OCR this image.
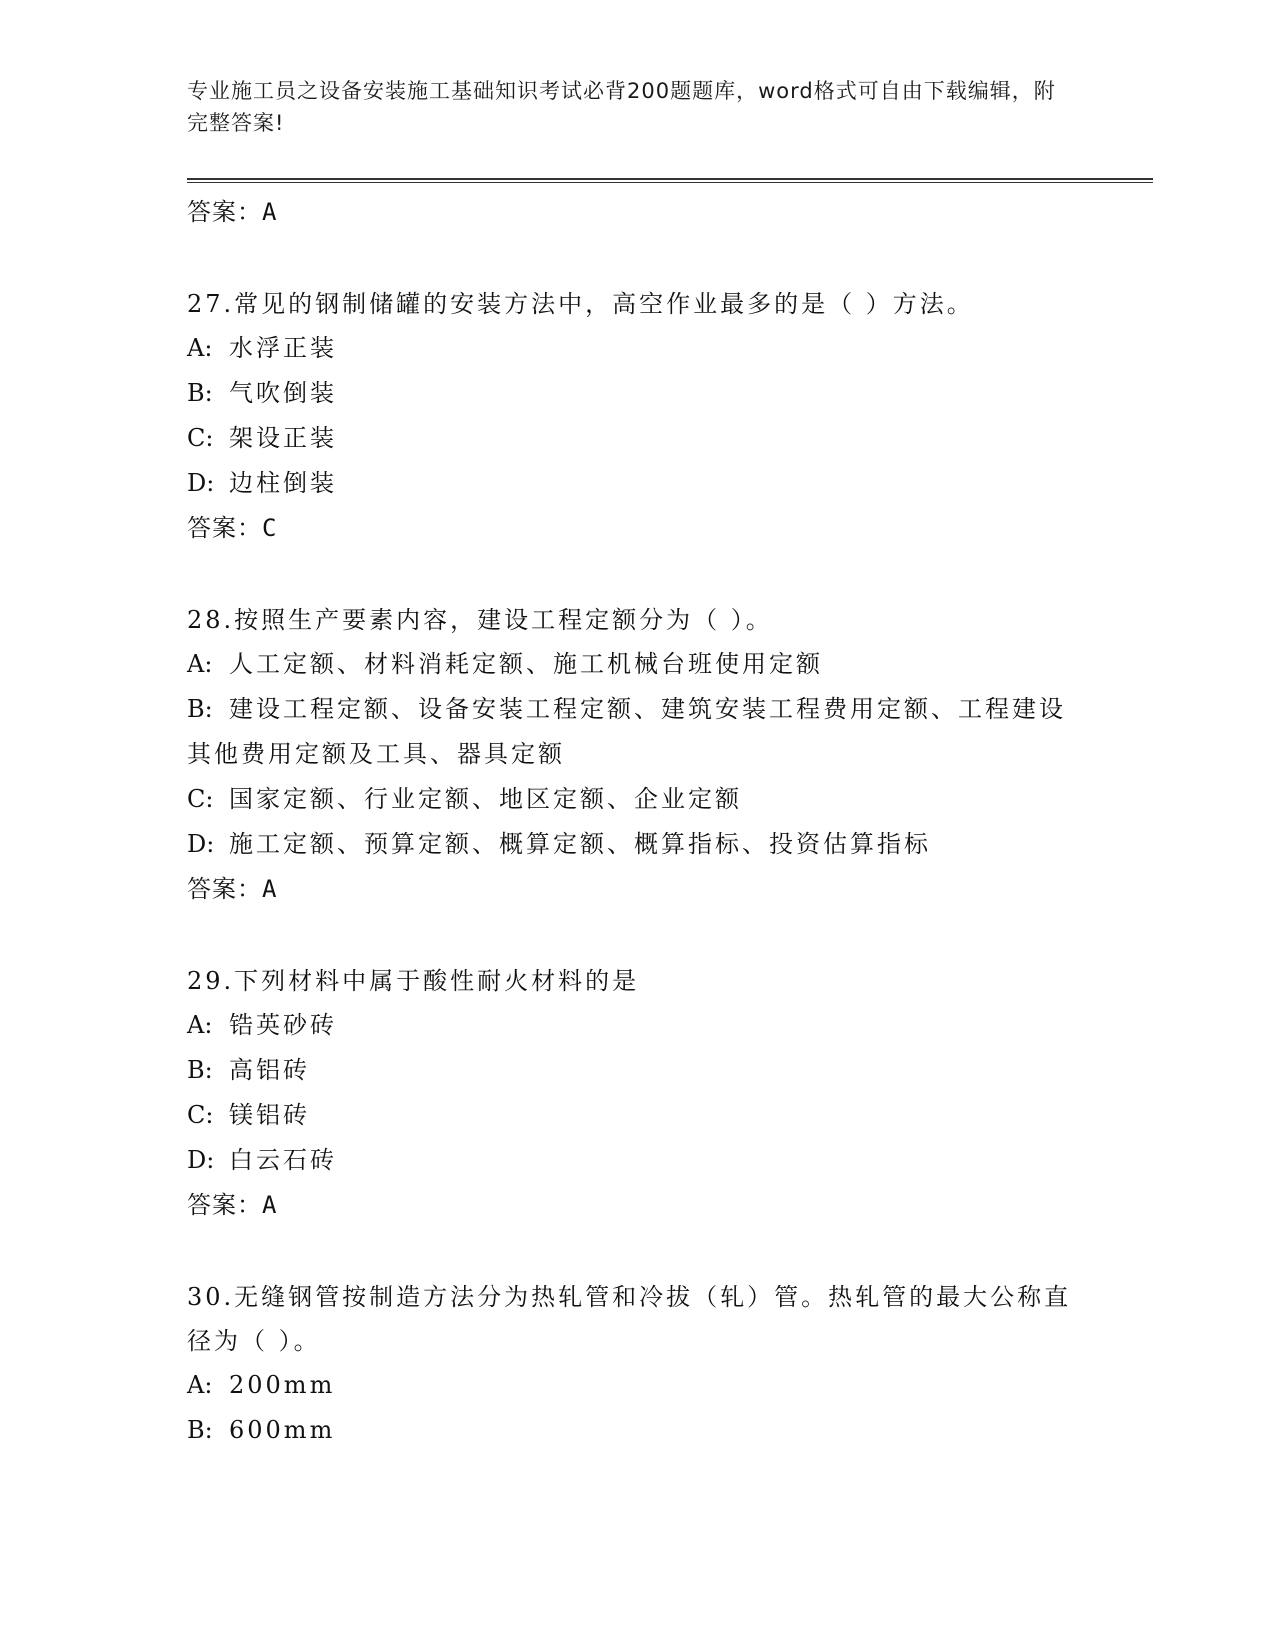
专业施工员之设备安装施工基础知识考试必背200题题库，word格式可自由下载编辑，附完整答案!
答案：A
27.常见的钢制储罐的安装方法中，高空作业最多的是（ ）方法。
A: 水浮正装
B: 气吹倒装
C: 架设正装
D: 边柱倒装
答案：C
28.按照生产要素内容，建设工程定额分为（ ）。
A: 人工定额、材料消耗定额、施工机械台班使用定额
B: 建设工程定额、设备安装工程定额、建筑安装工程费用定额、工程建设其他费用定额及工具、器具定额
C: 国家定额、行业定额、地区定额、企业定额
D: 施工定额、预算定额、概算定额、概算指标、投资估算指标
答案：A
29.下列材料中属于酸性耐火材料的是
A: 锆英砂砖
B: 高铝砖
C: 镁铝砖
D: 白云石砖
答案：A
30.无缝钢管按制造方法分为热轧管和冷拔（轧）管。热轧管的最大公称直径为（ ）。
A: 200mm
B: 600mm
